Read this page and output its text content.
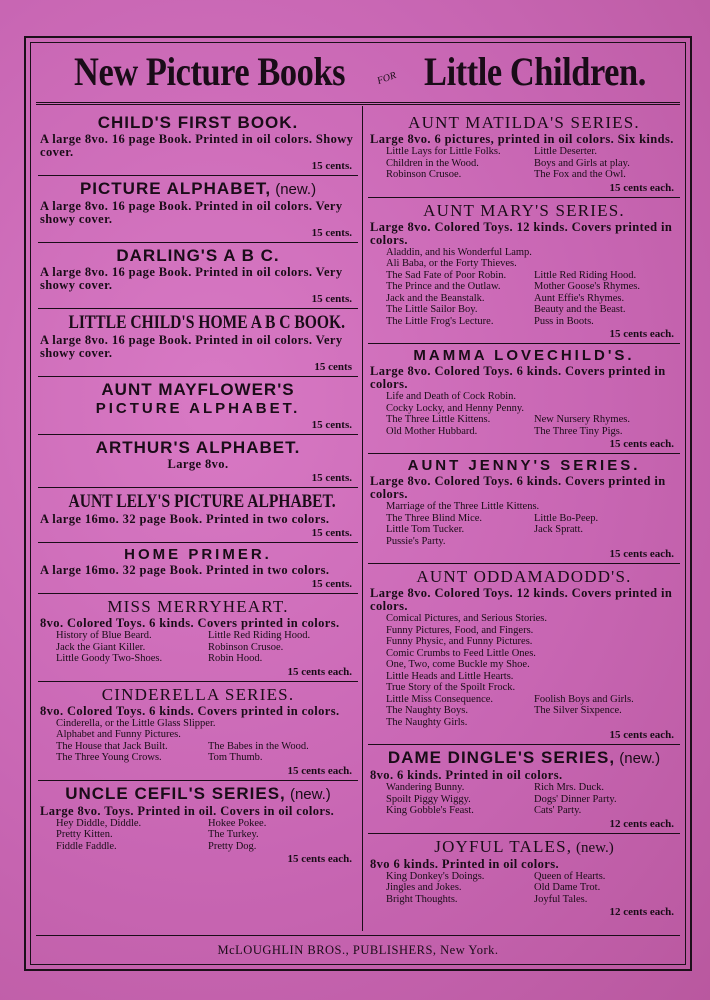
New Picture Books	FOR Little Children.
CHILD'S FIRST BOOK.
A large 8vo. 16 page Book. Printed in oil colors. Showy cover.
15 cents.
PICTURE ALPHABET, (new.)
A large 8vo. 16 page Book. Printed in oil colors. Very showy cover.
15 cents.
DARLING'S A B C.
A large 8vo. 16 page Book. Printed in oil colors. Very showy cover.
15 cents.
LITTLE CHILD'S HOME A B C BOOK.
A large 8vo. 16 page Book. Printed in oil colors. Very showy cover.
15 cents
AUNT MAYFLOWER'S
PICTURE ALPHABET.
15 cents.
ARTHUR'S ALPHABET.
Large 8vo.
15 cents.
AUNT LELY'S PICTURE ALPHABET.
A large 16mo. 32 page Book. Printed in two colors.
15 cents.
HOME PRIMER.
A large 16mo. 32 page Book. Printed in two colors.
15 cents.
MISS MERRYHEART.
8vo. Colored Toys. 6 kinds. Covers printed in colors.
History of Blue Beard.	Little Red Riding Hood.
Jack the Giant Killer.	Robinson Crusoe.
Little Goody Two-Shoes.	Robin Hood.
15 cents each.
CINDERELLA SERIES.
8vo. Colored Toys. 6 kinds. Covers printed in colors.
Cinderella, or the Little Glass Slipper.
Alphabet and Funny Pictures.
The House that Jack Built.	The Babes in the Wood.
The Three Young Crows.	Tom Thumb.
15 cents each.
UNCLE CEFIL'S SERIES, (new.)
Large 8vo. Toys. Printed in oil. Covers in oil colors.
Hey Diddle, Diddle.	Hokee Pokee.
Pretty Kitten.	The Turkey.
Fiddle Faddle.	Pretty Dog.
15 cents each.
AUNT MATILDA'S SERIES.
Large 8vo. 6 pictures, printed in oil colors. Six kinds.
Little Lays for Little Folks.	Little Deserter.
Children in the Wood.	Boys and Girls at play.
Robinson Crusoe.	The Fox and the Owl.
15 cents each.
AUNT MARY'S SERIES.
Large 8vo. Colored Toys. 12 kinds. Covers printed in colors.
Aladdin, and his Wonderful Lamp.
Ali Baba, or the Forty Thieves.
The Sad Fate of Poor Robin.	Little Red Riding Hood.
The Prince and the Outlaw.	Mother Goose's Rhymes.
Jack and the Beanstalk.	Aunt Effie's Rhymes.
The Little Sailor Boy.	Beauty and the Beast.
The Little Frog's Lecture.	Puss in Boots.
15 cents each.
MAMMA LOVECHILD'S.
Large 8vo. Colored Toys. 6 kinds. Covers printed in colors.
Life and Death of Cock Robin.
Cocky Locky, and Henny Penny.
The Three Little Kittens.	New Nursery Rhymes.
Old Mother Hubbard.	The Three Tiny Pigs.
15 cents each.
AUNT JENNY'S SERIES.
Large 8vo. Colored Toys. 6 kinds. Covers printed in colors.
Marriage of the Three Little Kittens.
The Three Blind Mice.	Little Bo-Peep.
Little Tom Tucker.	Jack Spratt.
Pussie's Party.
15 cents each.
AUNT ODDAMADODD'S.
Large 8vo. Colored Toys. 12 kinds. Covers printed in colors.
Comical Pictures, and Serious Stories.
Funny Pictures, Food, and Fingers.
Funny Physic, and Funny Pictures.
Comic Crumbs to Feed Little Ones.
One, Two, come Buckle my Shoe.
Little Heads and Little Hearts.
True Story of the Spoilt Frock.
Little Miss Consequence.	Foolish Boys and Girls.
The Naughty Boys.	The Silver Sixpence.
The Naughty Girls.
15 cents each.
DAME DINGLE'S SERIES, (new.)
8vo. 6 kinds. Printed in oil colors.
Wandering Bunny.	Rich Mrs. Duck.
Spoilt Piggy Wiggy.	Dogs' Dinner Party.
King Gobble's Feast.	Cats' Party.
12 cents each.
JOYFUL TALES, (new.)
8vo 6 kinds. Printed in oil colors.
King Donkey's Doings.	Queen of Hearts.
Jingles and Jokes.	Old Dame Trot.
Bright Thoughts.	Joyful Tales.
12 cents each.
McLOUGHLIN BROS., PUBLISHERS, New York.
